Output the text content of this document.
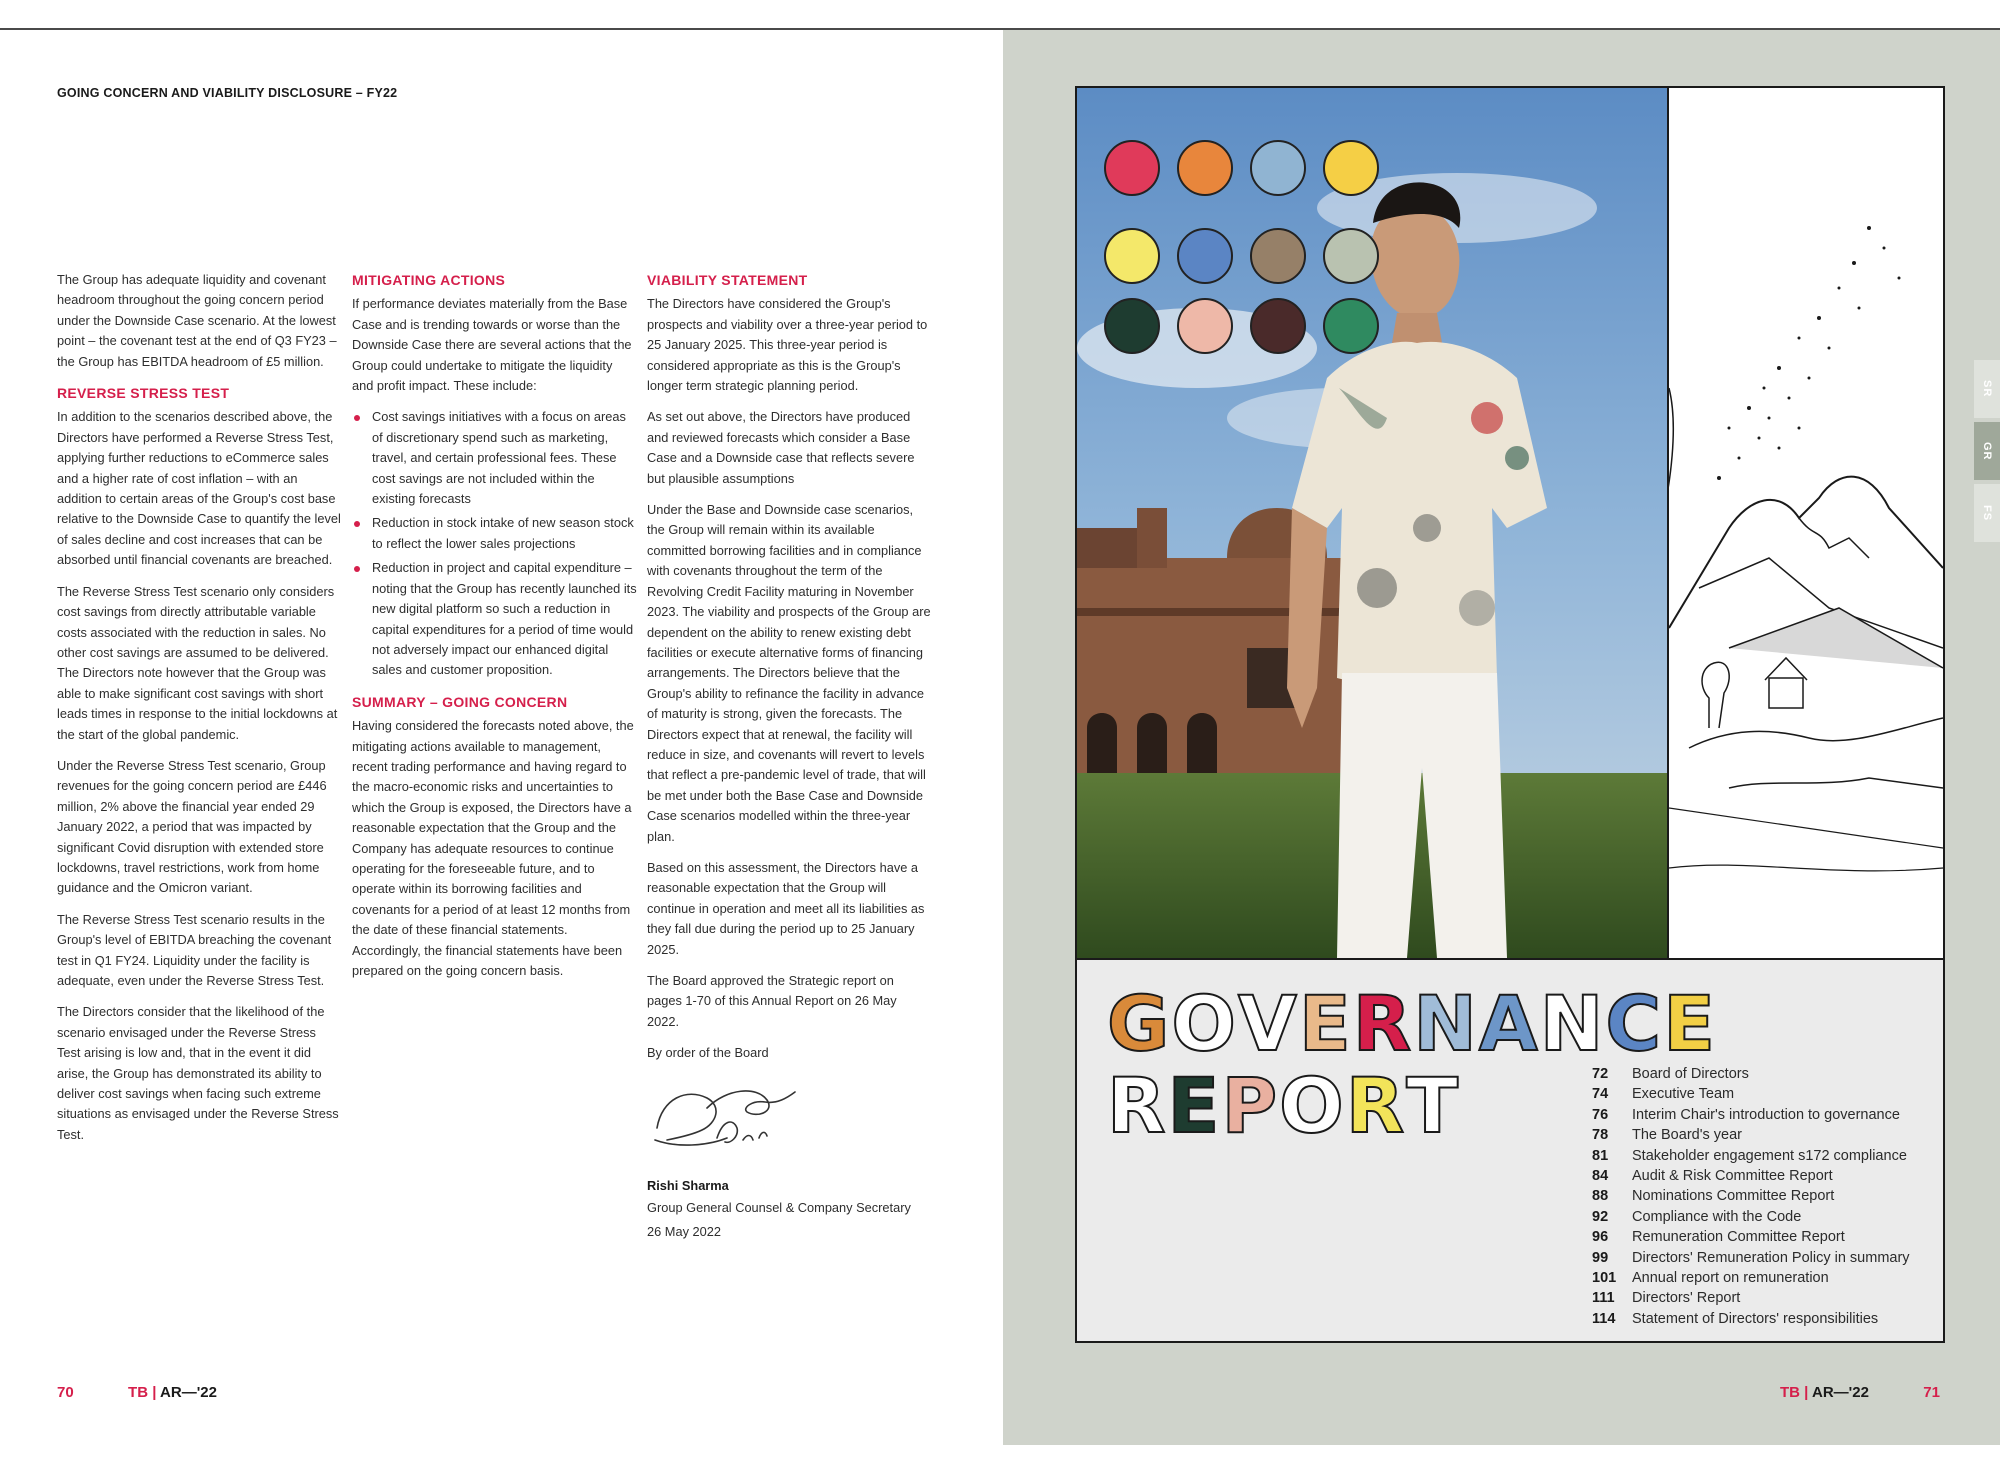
GOING CONCERN AND VIABILITY DISCLOSURE – FY22

The Group has adequate liquidity and covenant headroom throughout the going concern period under the Downside Case scenario. At the lowest point – the covenant test at the end of Q3 FY23 – the Group has EBITDA headroom of £5 million.

REVERSE STRESS TEST

In addition to the scenarios described above, the Directors have performed a Reverse Stress Test, applying further reductions to eCommerce sales and a higher rate of cost inflation – with an addition to certain areas of the Group's cost base relative to the Downside Case to quantify the level of sales decline and cost increases that can be absorbed until financial covenants are breached.

The Reverse Stress Test scenario only considers cost savings from directly attributable variable costs associated with the reduction in sales. No other cost savings are assumed to be delivered. The Directors note however that the Group was able to make significant cost savings with short leads times in response to the initial lockdowns at the start of the global pandemic.

Under the Reverse Stress Test scenario, Group revenues for the going concern period are £446 million, 2% above the financial year ended 29 January 2022, a period that was impacted by significant Covid disruption with extended store lockdowns, travel restrictions, work from home guidance and the Omicron variant.

The Reverse Stress Test scenario results in the Group's level of EBITDA breaching the covenant test in Q1 FY24. Liquidity under the facility is adequate, even under the Reverse Stress Test.

The Directors consider that the likelihood of the scenario envisaged under the Reverse Stress Test arising is low and, that in the event it did arise, the Group has demonstrated its ability to deliver cost savings when facing such extreme situations as envisaged under the Reverse Stress Test.

MITIGATING ACTIONS

If performance deviates materially from the Base Case and is trending towards or worse than the Downside Case there are several actions that the Group could undertake to mitigate the liquidity and profit impact. These include:

Cost savings initiatives with a focus on areas of discretionary spend such as marketing, travel, and certain professional fees. These cost savings are not included within the existing forecasts
Reduction in stock intake of new season stock to reflect the lower sales projections
Reduction in project and capital expenditure – noting that the Group has recently launched its new digital platform so such a reduction in capital expenditures for a period of time would not adversely impact our enhanced digital sales and customer proposition.
SUMMARY – GOING CONCERN

Having considered the forecasts noted above, the mitigating actions available to management, recent trading performance and having regard to the macro-economic risks and uncertainties to which the Group is exposed, the Directors have a reasonable expectation that the Group and the Company has adequate resources to continue operating for the foreseeable future, and to operate within its borrowing facilities and covenants for a period of at least 12 months from the date of these financial statements. Accordingly, the financial statements have been prepared on the going concern basis.

VIABILITY STATEMENT

The Directors have considered the Group's prospects and viability over a three-year period to 25 January 2025. This three-year period is considered appropriate as this is the Group's longer term strategic planning period.

As set out above, the Directors have produced and reviewed forecasts which consider a Base Case and a Downside case that reflects severe but plausible assumptions

Under the Base and Downside case scenarios, the Group will remain within its available committed borrowing facilities and in compliance with covenants throughout the term of the Revolving Credit Facility maturing in November 2023. The viability and prospects of the Group are dependent on the ability to renew existing debt facilities or execute alternative forms of financing arrangements. The Directors believe that the Group's ability to refinance the facility in advance of maturity is strong, given the forecasts. The Directors expect that at renewal, the facility will reduce in size, and covenants will revert to levels that reflect a pre-pandemic level of trade, that will be met under both the Base Case and Downside Case scenarios modelled within the three-year plan.

Based on this assessment, the Directors have a reasonable expectation that the Group will continue in operation and meet all its liabilities as they fall due during the period up to 25 January 2025.

The Board approved the Strategic report on pages 1-70 of this Annual Report on 26 May 2022.

By order of the Board

Rishi Sharma
Group General Counsel & Company Secretary
26 May 2022
70	TB | AR—'22
GOVERNANCE
REPORT	72	Board of Directors
74	Executive Team
76	Interim Chair's introduction to governance
78	The Board's year
81	Stakeholder engagement s172 compliance
84	Audit & Risk Committee Report
88	Nominations Committee Report
92	Compliance with the Code
96	Remuneration Committee Report
99	Directors' Remuneration Policy in summary
101	Annual report on remuneration
111	Directors' Report
114	Statement of Directors' responsibilities
SR
GR
FS
TB | AR—'22	71
